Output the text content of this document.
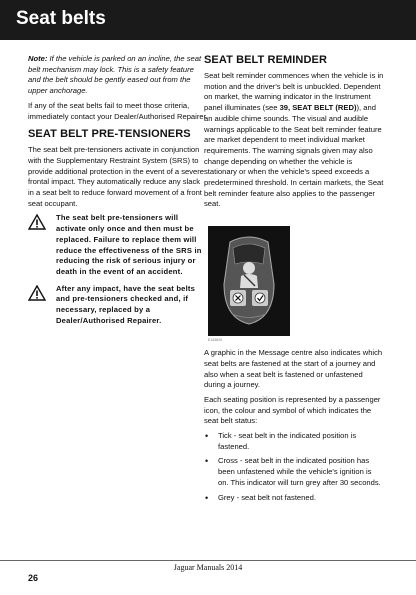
Seat belts

Note: If the vehicle is parked on an incline, the seat belt mechanism may lock. This is a safety feature and the belt should be gently eased out from the upper anchorage.

If any of the seat belts fail to meet those criteria, immediately contact your Dealer/Authorised Repairer.

SEAT BELT PRE-TENSIONERS

The seat belt pre-tensioners activate in conjunction with the Supplementary Restraint System (SRS) to provide additional protection in the event of a severe frontal impact. They automatically reduce any slack in a seat belt to reduce forward movement of a front seat occupant.

The seat belt pre-tensioners will activate only once and then must be replaced. Failure to replace them will reduce the effectiveness of the SRS in reducing the risk of serious injury or death in the event of an accident.
After any impact, have the seat belts and pre-tensioners checked and, if necessary, replaced by a Dealer/Authorised Repairer.
SEAT BELT REMINDER

Seat belt reminder commences when the vehicle is in motion and the driver's belt is unbuckled. Dependent on market, the warning indicator in the Instrument panel illuminates (see 39, SEAT BELT (RED)), and an audible chime sounds. The visual and audible warnings applicable to the Seat belt reminder feature are market dependent to meet individual market requirements. The warning signals given may also change depending on whether the vehicle is stationary or when the vehicle's speed exceeds a predetermined threshold. In certain markets, the Seat belt reminder feature also applies to the passenger seat.

E144620

A graphic in the Message centre also indicates which seat belts are fastened at the start of a journey and also when a seat belt is fastened or unfastened during a journey.

Each seating position is represented by a passenger icon, the colour and symbol of which indicates the seat belt status:

• Tick - seat belt in the indicated position is fastened.
• Cross - seat belt in the indicated position has been unfastened while the vehicle's ignition is on. This indicator will turn grey after 30 seconds.
• Grey - seat belt not fastened.
Jaguar Manuals 2014
26
